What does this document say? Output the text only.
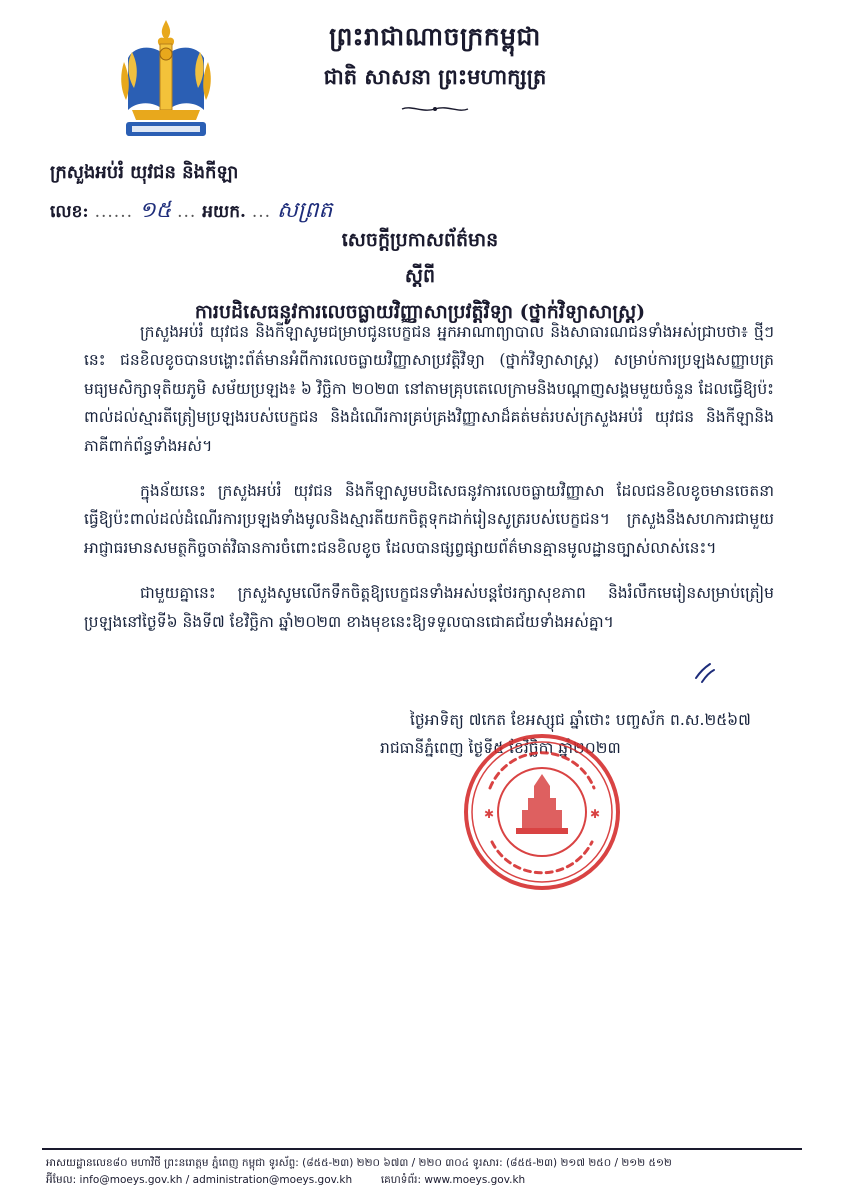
ព្រះរាជាណាចក្រកម្ពុជា
ជាតិ សាសនា ព្រះមហាក្សត្រ
ក្រសួងអប់រំ យុវជន និងកីឡា
លេខ: ...... ១៥ ... អយក. ... សព្រត
សេចក្តីប្រកាសព័ត៌មាន
ស្តីពី
ការបដិសេធនូវការលេចធ្លាយវិញ្ញាសាប្រវត្តិវិទ្យា (ថ្នាក់វិទ្យាសាស្ត្រ)

ក្រសួងអប់រំ យុវជន និងកីឡាសូមជម្រាបជូនបេក្ខជន អ្នកអាណាព្យាបាល និងសាធារណជនទាំងអស់ជ្រាបថា៖ ថ្មីៗនេះ ជនខិលខូចបានបង្ហោះព័ត៌មានអំពីការលេចធ្លាយវិញ្ញាសាប្រវត្តិវិទ្យា (ថ្នាក់វិទ្យាសាស្ត្រ) សម្រាប់ការប្រឡងសញ្ញាបត្រមធ្យមសិក្សាទុតិយភូមិ សម័យប្រឡង៖ ៦ វិច្ឆិកា ២០២៣ នៅតាមគ្រុបតេលេក្រាមនិងបណ្តាញសង្គមមួយចំនួន ដែលធ្វើឱ្យប៉ះពាល់ដល់ស្មារតីត្រៀមប្រឡងរបស់បេក្ខជន និងដំណើរការគ្រប់គ្រងវិញ្ញាសាដ៏គត់មត់របស់ក្រសួងអប់រំ យុវជន និងកីឡានិងភាគីពាក់ព័ន្ធទាំងអស់។

ក្នុងន័យនេះ ក្រសួងអប់រំ យុវជន និងកីឡាសូមបដិសេធនូវការលេចធ្លាយវិញ្ញាសា ដែលជនខិលខូចមានចេតនាធ្វើឱ្យប៉ះពាល់ដល់ដំណើរការប្រឡងទាំងមូលនិងស្មារតីយកចិត្តទុកដាក់រៀនសូត្ររបស់បេក្ខជន។ ក្រសួងនឹងសហការជាមួយអាជ្ញាធរមានសមត្ថកិច្ចចាត់វិធានការចំពោះជនខិលខូច ដែលបានផ្សព្វផ្សាយព័ត៌មានគ្មានមូលដ្ឋានច្បាស់លាស់នេះ។

ជាមួយគ្នានេះ ក្រសួងសូមលើកទឹកចិត្តឱ្យបេក្ខជនទាំងអស់បន្តថែរក្សាសុខភាព និងរំលឹកមេរៀនសម្រាប់ត្រៀមប្រឡងនៅថ្ងៃទី៦ និងទី៧ ខែវិច្ឆិកា ឆ្នាំ២០២៣ ខាងមុខនេះឱ្យទទួលបានជោគជ័យទាំងអស់គ្នា។

ថ្ងៃអាទិត្យ ៧កេត ខែអស្សុជ ឆ្នាំថោះ បញ្ចស័ក ព.ស.២៥៦៧
រាជធានីភ្នំពេញ ថ្ងៃទី៥ ខែវិច្ឆិកា ឆ្នាំ២០២៣
✱	✱
អាសយដ្ឋានលេខ៨០ មហាវិថី ព្រះនរោត្តម ភ្នំពេញ កម្ពុជា ទូរស័ព្ទ: (៨៥៥-២៣) ២២០ ៦៧៣ / ២២០ ៣០៤ ទូរសារ: (៨៥៥-២៣) ២១៧ ២៥០ / ២១២ ៥១២
អ៊ីមែល: info@moeys.gov.kh / administration@moeys.gov.kh	គេហទំព័រ: www.moeys.gov.kh
